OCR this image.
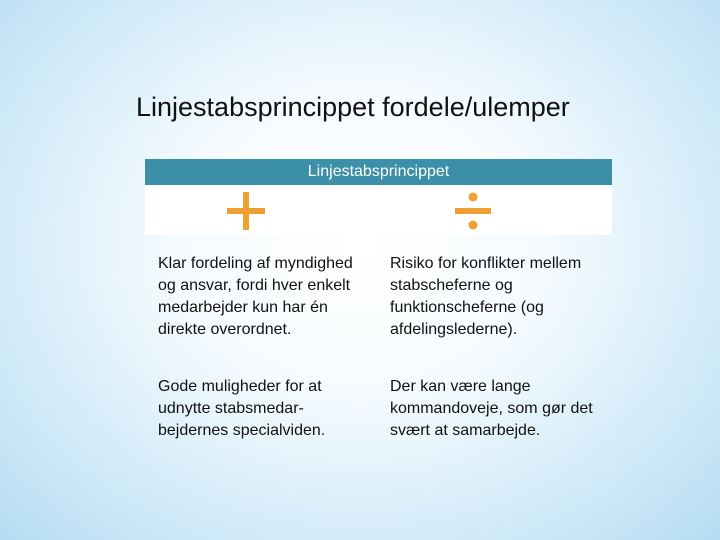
Linjestabsprincippet fordele/ulemper
Linjestabsprincippet
Klar fordeling af myndighed og ansvar, fordi hver enkelt medarbejder kun har én direkte overordnet.
Risiko for konflikter mellem stabscheferne og funktionscheferne (og afdelingslederne).
Gode muligheder for at udnytte stabsmedar-bejdernes specialviden.
Der kan være lange kommandoveje, som gør det svært at samarbejde.
